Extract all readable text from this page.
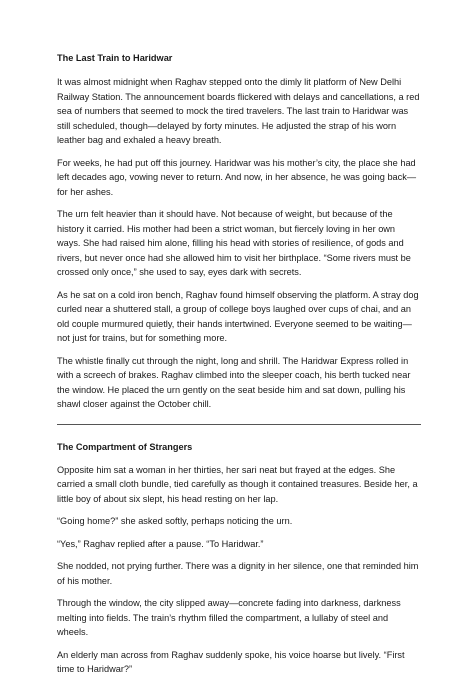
The Last Train to Haridwar

It was almost midnight when Raghav stepped onto the dimly lit platform of New Delhi Railway Station. The announcement boards flickered with delays and cancellations, a red sea of numbers that seemed to mock the tired travelers. The last train to Haridwar was still scheduled, though—delayed by forty minutes. He adjusted the strap of his worn leather bag and exhaled a heavy breath.

For weeks, he had put off this journey. Haridwar was his mother’s city, the place she had left decades ago, vowing never to return. And now, in her absence, he was going back—for her ashes.

The urn felt heavier than it should have. Not because of weight, but because of the history it carried. His mother had been a strict woman, but fiercely loving in her own ways. She had raised him alone, filling his head with stories of resilience, of gods and rivers, but never once had she allowed him to visit her birthplace. “Some rivers must be crossed only once,” she used to say, eyes dark with secrets.

As he sat on a cold iron bench, Raghav found himself observing the platform. A stray dog curled near a shuttered stall, a group of college boys laughed over cups of chai, and an old couple murmured quietly, their hands intertwined. Everyone seemed to be waiting—not just for trains, but for something more.

The whistle finally cut through the night, long and shrill. The Haridwar Express rolled in with a screech of brakes. Raghav climbed into the sleeper coach, his berth tucked near the window. He placed the urn gently on the seat beside him and sat down, pulling his shawl closer against the October chill.

The Compartment of Strangers

Opposite him sat a woman in her thirties, her sari neat but frayed at the edges. She carried a small cloth bundle, tied carefully as though it contained treasures. Beside her, a little boy of about six slept, his head resting on her lap.

“Going home?” she asked softly, perhaps noticing the urn.

“Yes,” Raghav replied after a pause. “To Haridwar.”

She nodded, not prying further. There was a dignity in her silence, one that reminded him of his mother.

Through the window, the city slipped away—concrete fading into darkness, darkness melting into fields. The train’s rhythm filled the compartment, a lullaby of steel and wheels.

An elderly man across from Raghav suddenly spoke, his voice hoarse but lively. “First time to Haridwar?”
